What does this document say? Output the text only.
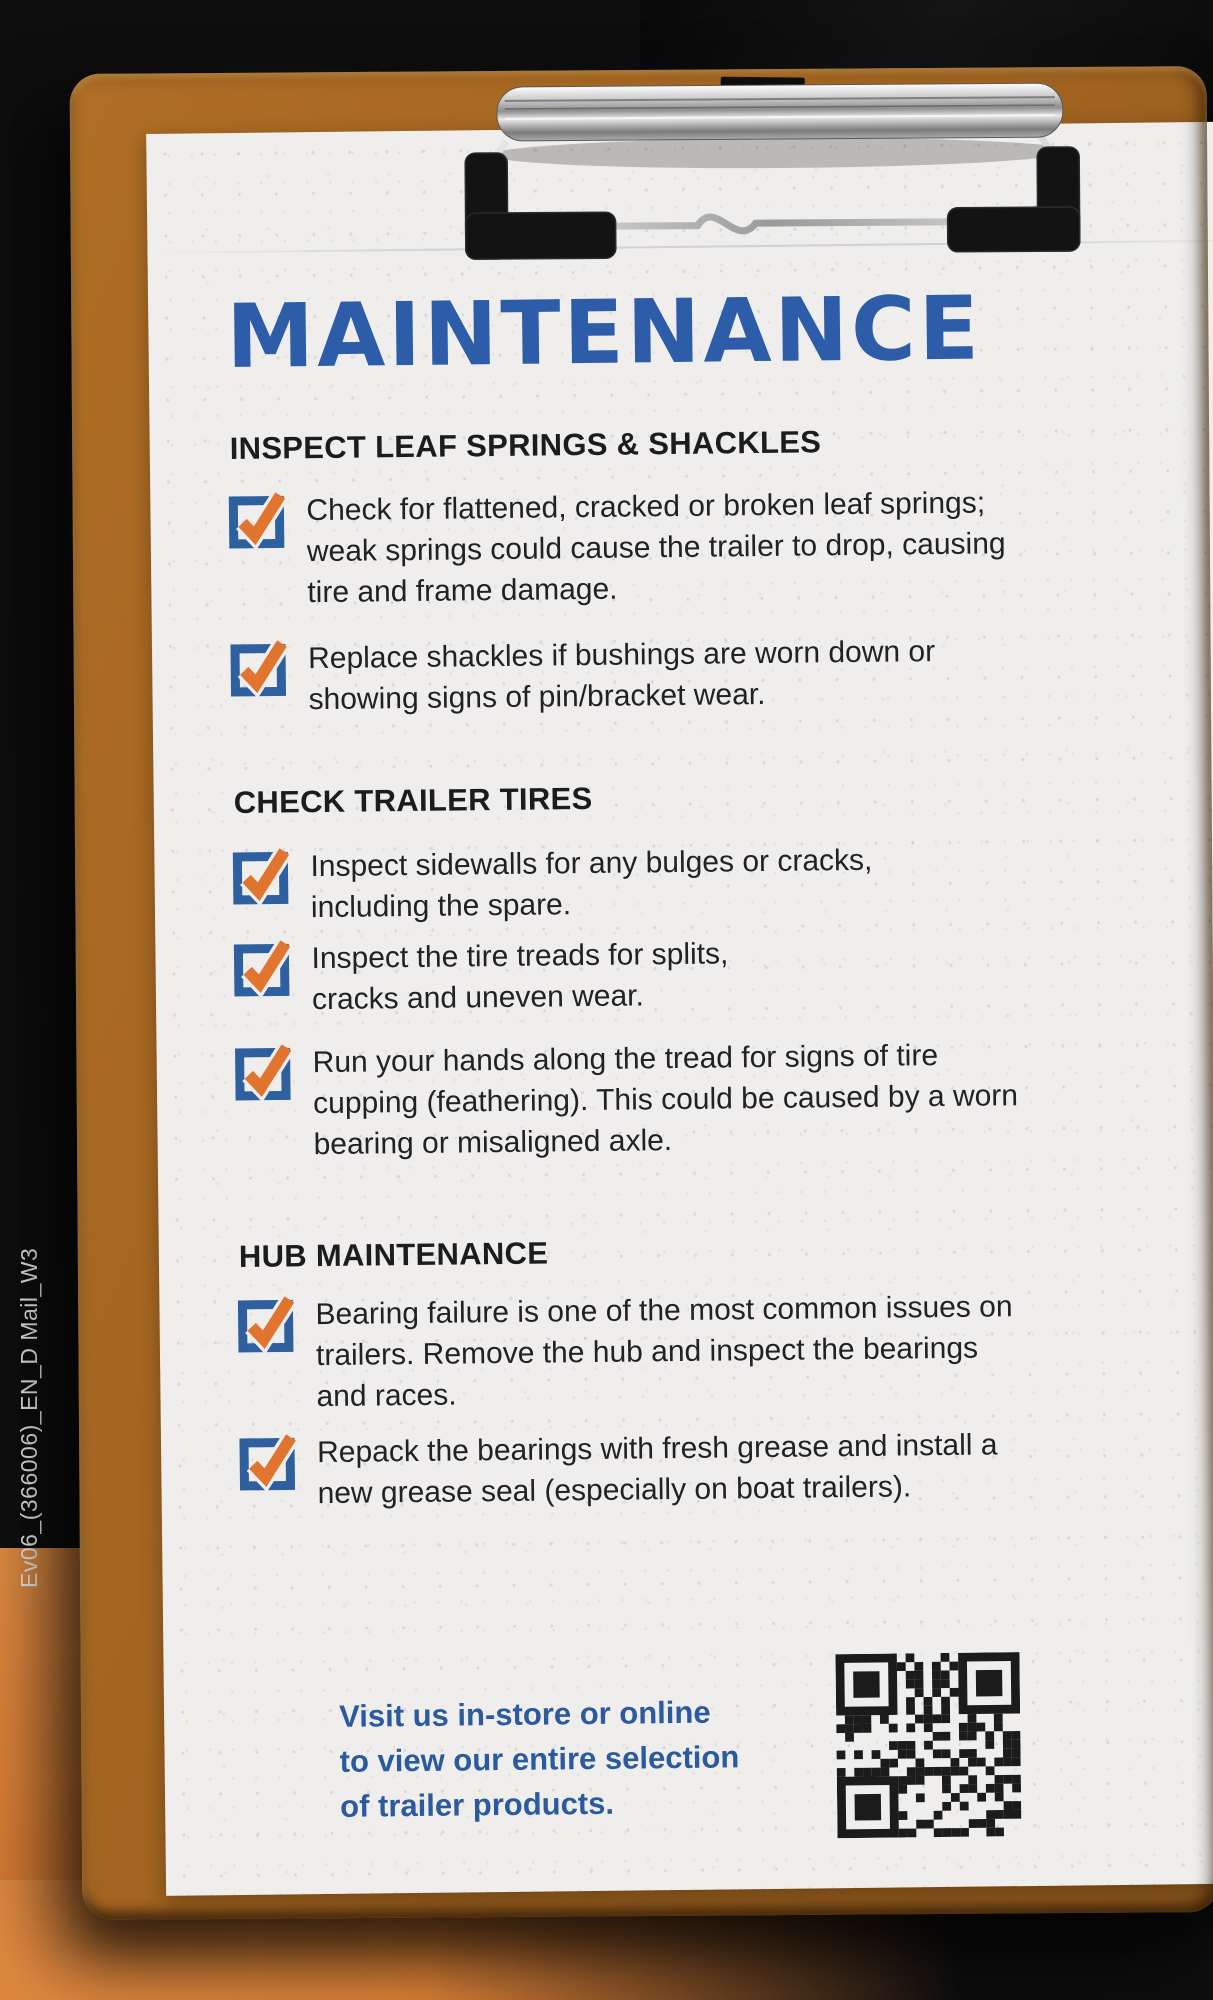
Ev06_(366006)_EN_D Mail_W3
MAINTENANCE
INSPECT LEAF SPRINGS & SHACKLES

Check for flattened, cracked or broken leaf springs;
weak springs could cause the trailer to drop, causing
tire and frame damage.

Replace shackles if bushings are worn down or
showing signs of pin/bracket wear.

CHECK TRAILER TIRES

Inspect sidewalls for any bulges or cracks,
including the spare.

Inspect the tire treads for splits,
cracks and uneven wear.

Run your hands along the tread for signs of tire
cupping (feathering). This could be caused by a worn
bearing or misaligned axle.

HUB MAINTENANCE

Bearing failure is one of the most common issues on
trailers. Remove the hub and inspect the bearings
and races.

Repack the bearings with fresh grease and install a
new grease seal (especially on boat trailers).

Visit us in-store or online
to view our entire selection
of trailer products.
